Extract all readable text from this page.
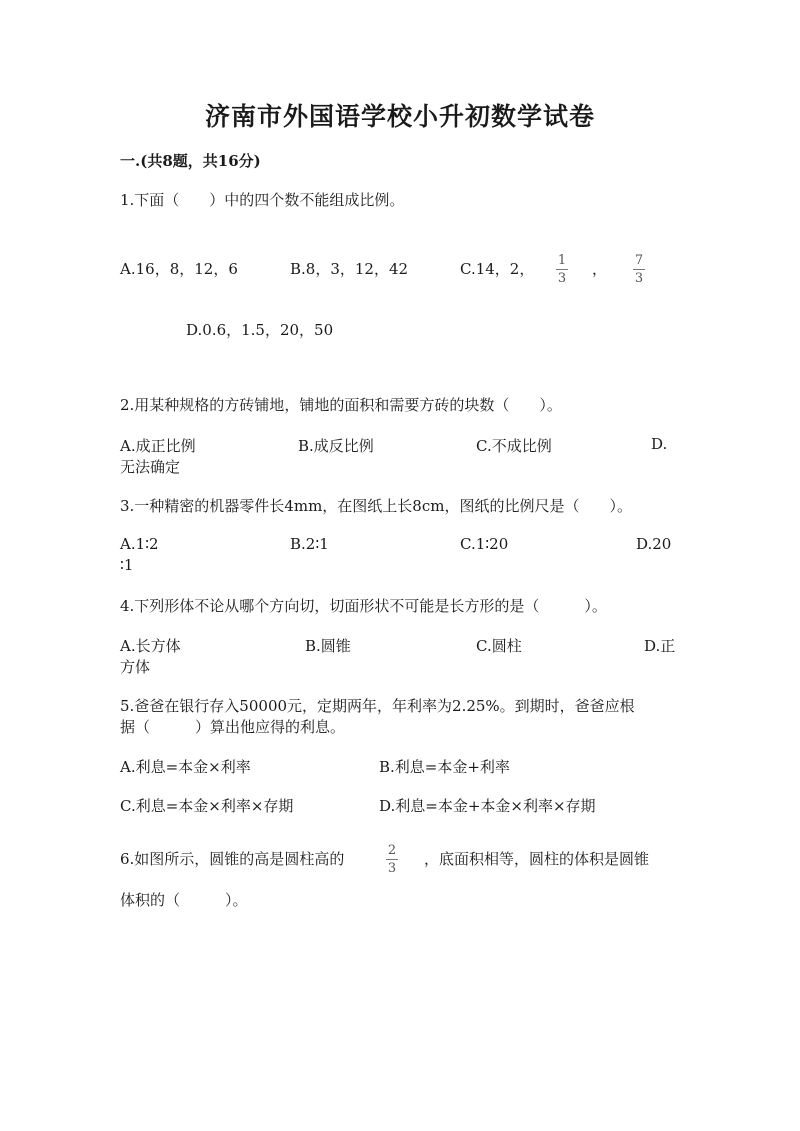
济南市外国语学校小升初数学试卷
一.(共8题，共16分)
1.下面（　　）中的四个数不能组成比例。
A.16，8，12，6	B.8，3，12，42	C.14，2， 1
3
， 7
3
D.0.6，1.5，20，50
2.用某种规格的方砖铺地，铺地的面积和需要方砖的块数（　　）。
A.成正比例	B.成反比例	C.不成比例	D.
无法确定
3.一种精密的机器零件长4mm，在图纸上长8cm，图纸的比例尺是（　　）。
A.1∶2	B.2∶1	C.1∶20	D.20
∶1
4.下列形体不论从哪个方向切，切面形状不可能是长方形的是（　　　）。
A.长方体	B.圆锥	C.圆柱	D.正
方体
5.爸爸在银行存入50000元，定期两年，年利率为2.25%。到期时，爸爸应根
据（　　　）算出他应得的利息。
A.利息=本金×利率	B.利息=本金+利率
C.利息=本金×利率×存期	D.利息=本金+本金×利率×存期
6.如图所示，圆锥的高是圆柱高的	2
3
，底面积相等，圆柱的体积是圆锥
体积的（　　　）。
